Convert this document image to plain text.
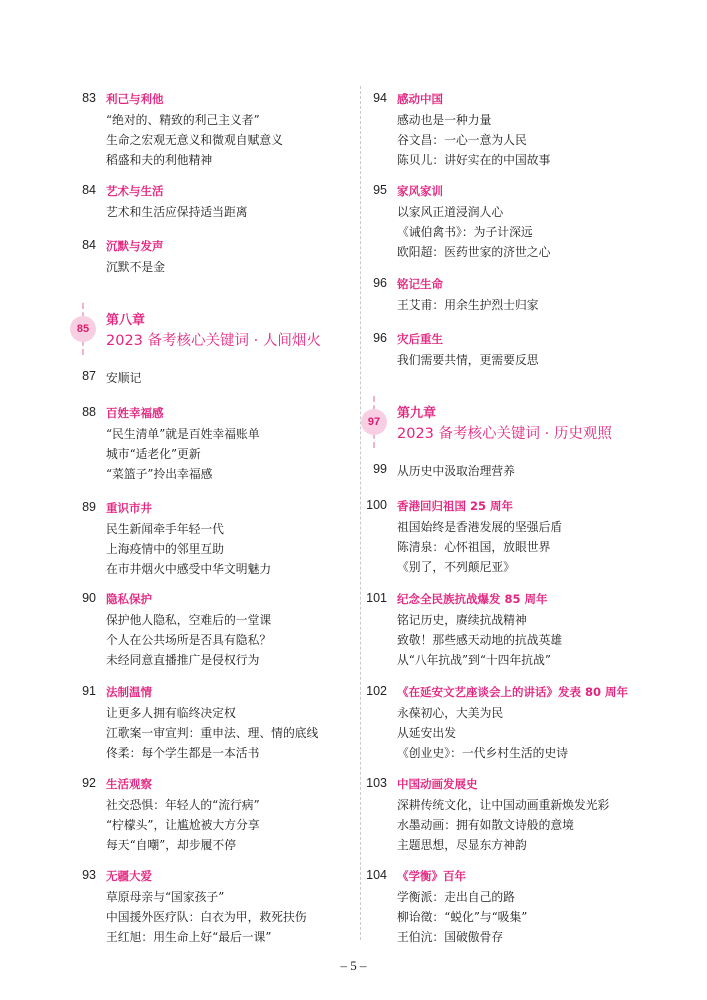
83 利己与利他
“绝对的、精致的利己主义者”
生命之宏观无意义和微观自赋意义
稻盛和夫的利他精神
84 艺术与生活
艺术和生活应保持适当距离
84 沉默与发声
沉默不是金
85
第八章
2023 备考核心关键词 · 人间烟火
87 安顺记
88 百姓幸福感
“民生清单”就是百姓幸福账单
城市“适老化”更新
“菜篮子”拎出幸福感
89 重识市井
民生新闻牵手年轻一代
上海疫情中的邻里互助
在市井烟火中感受中华文明魅力
90 隐私保护
保护他人隐私，空难后的一堂课
个人在公共场所是否具有隐私？
未经同意直播推广是侵权行为
91 法制温情
让更多人拥有临终决定权
江歌案一审宣判：重申法、理、情的底线
佟柔：每个学生都是一本活书
92 生活观察
社交恐惧：年轻人的“流行病”
“柠檬头”，让尴尬被大方分享
每天“自嘲”，却步履不停
93 无疆大爱
草原母亲与“国家孩子”
中国援外医疗队：白衣为甲，救死扶伤
王红旭：用生命上好“最后一课”
94 感动中国
感动也是一种力量
谷文昌：一心一意为人民
陈贝儿：讲好实在的中国故事
95 家风家训
以家风正道浸润人心
《诫伯禽书》：为子计深远
欧阳超：医药世家的济世之心
96 铭记生命
王艾甫：用余生护烈士归家
96 灾后重生
我们需要共情，更需要反思
97
第九章
2023 备考核心关键词 · 历史观照
99 从历史中汲取治理营养
100 香港回归祖国 25 周年
祖国始终是香港发展的坚强后盾
陈清泉：心怀祖国，放眼世界
《别了，不列颠尼亚》
101 纪念全民族抗战爆发 85 周年
铭记历史，赓续抗战精神
致敬！那些感天动地的抗战英雄
从“八年抗战”到“十四年抗战”
102 《在延安文艺座谈会上的讲话》发表 80 周年
永葆初心，大美为民
从延安出发
《创业史》：一代乡村生活的史诗
103 中国动画发展史
深耕传统文化，让中国动画重新焕发光彩
水墨动画：拥有如散文诗般的意境
主题思想，尽显东方神韵
104 《学衡》百年
学衡派：走出自己的路
柳诒徵：“蜕化”与“吸集”
王伯沆：国破傲骨存
– 5 –
